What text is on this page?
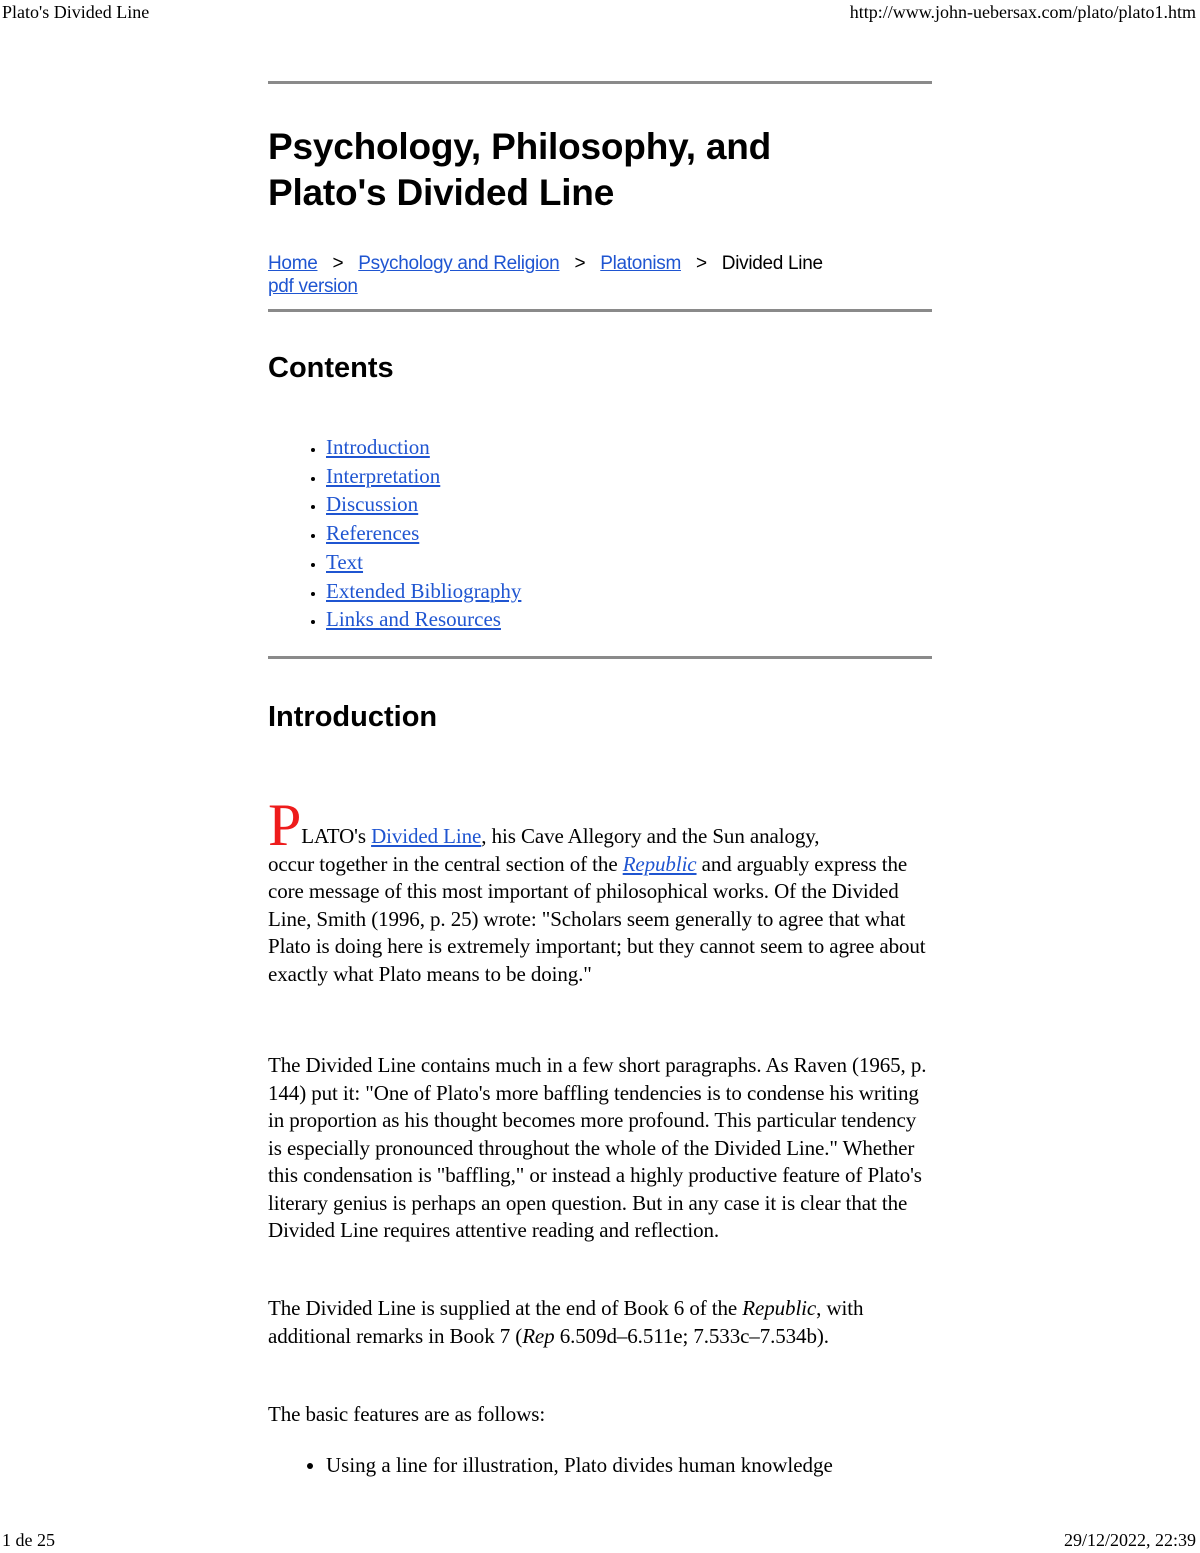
Plato's Divided Line	http://www.john-uebersax.com/plato/plato1.htm
Psychology, Philosophy, and
Plato's Divided Line
Home > Psychology and Religion > Platonism > Divided Line
pdf version
Contents
• Introduction
• Interpretation
• Discussion
• References
• Text
• Extended Bibliography
• Links and Resources
Introduction

PLATO's Divided Line, his Cave Allegory and the Sun analogy,
occur together in the central section of the Republic and arguably express the core message of this most important of philosophical works. Of the Divided Line, Smith (1996, p. 25) wrote: "Scholars seem generally to agree that what Plato is doing here is extremely important; but they cannot seem to agree about exactly what Plato means to be doing."

The Divided Line contains much in a few short paragraphs. As Raven (1965, p. 144) put it: "One of Plato's more baffling tendencies is to condense his writing in proportion as his thought becomes more profound. This particular tendency is especially pronounced throughout the whole of the Divided Line." Whether this condensation is "baffling," or instead a highly productive feature of Plato's literary genius is perhaps an open question. But in any case it is clear that the Divided Line requires attentive reading and reflection.

The Divided Line is supplied at the end of Book 6 of the Republic, with additional remarks in Book 7 (Rep 6.509d–6.511e; 7.533c–7.534b).

The basic features are as follows:

• Using a line for illustration, Plato divides human knowledge
1 de 25	29/12/2022, 22:39
